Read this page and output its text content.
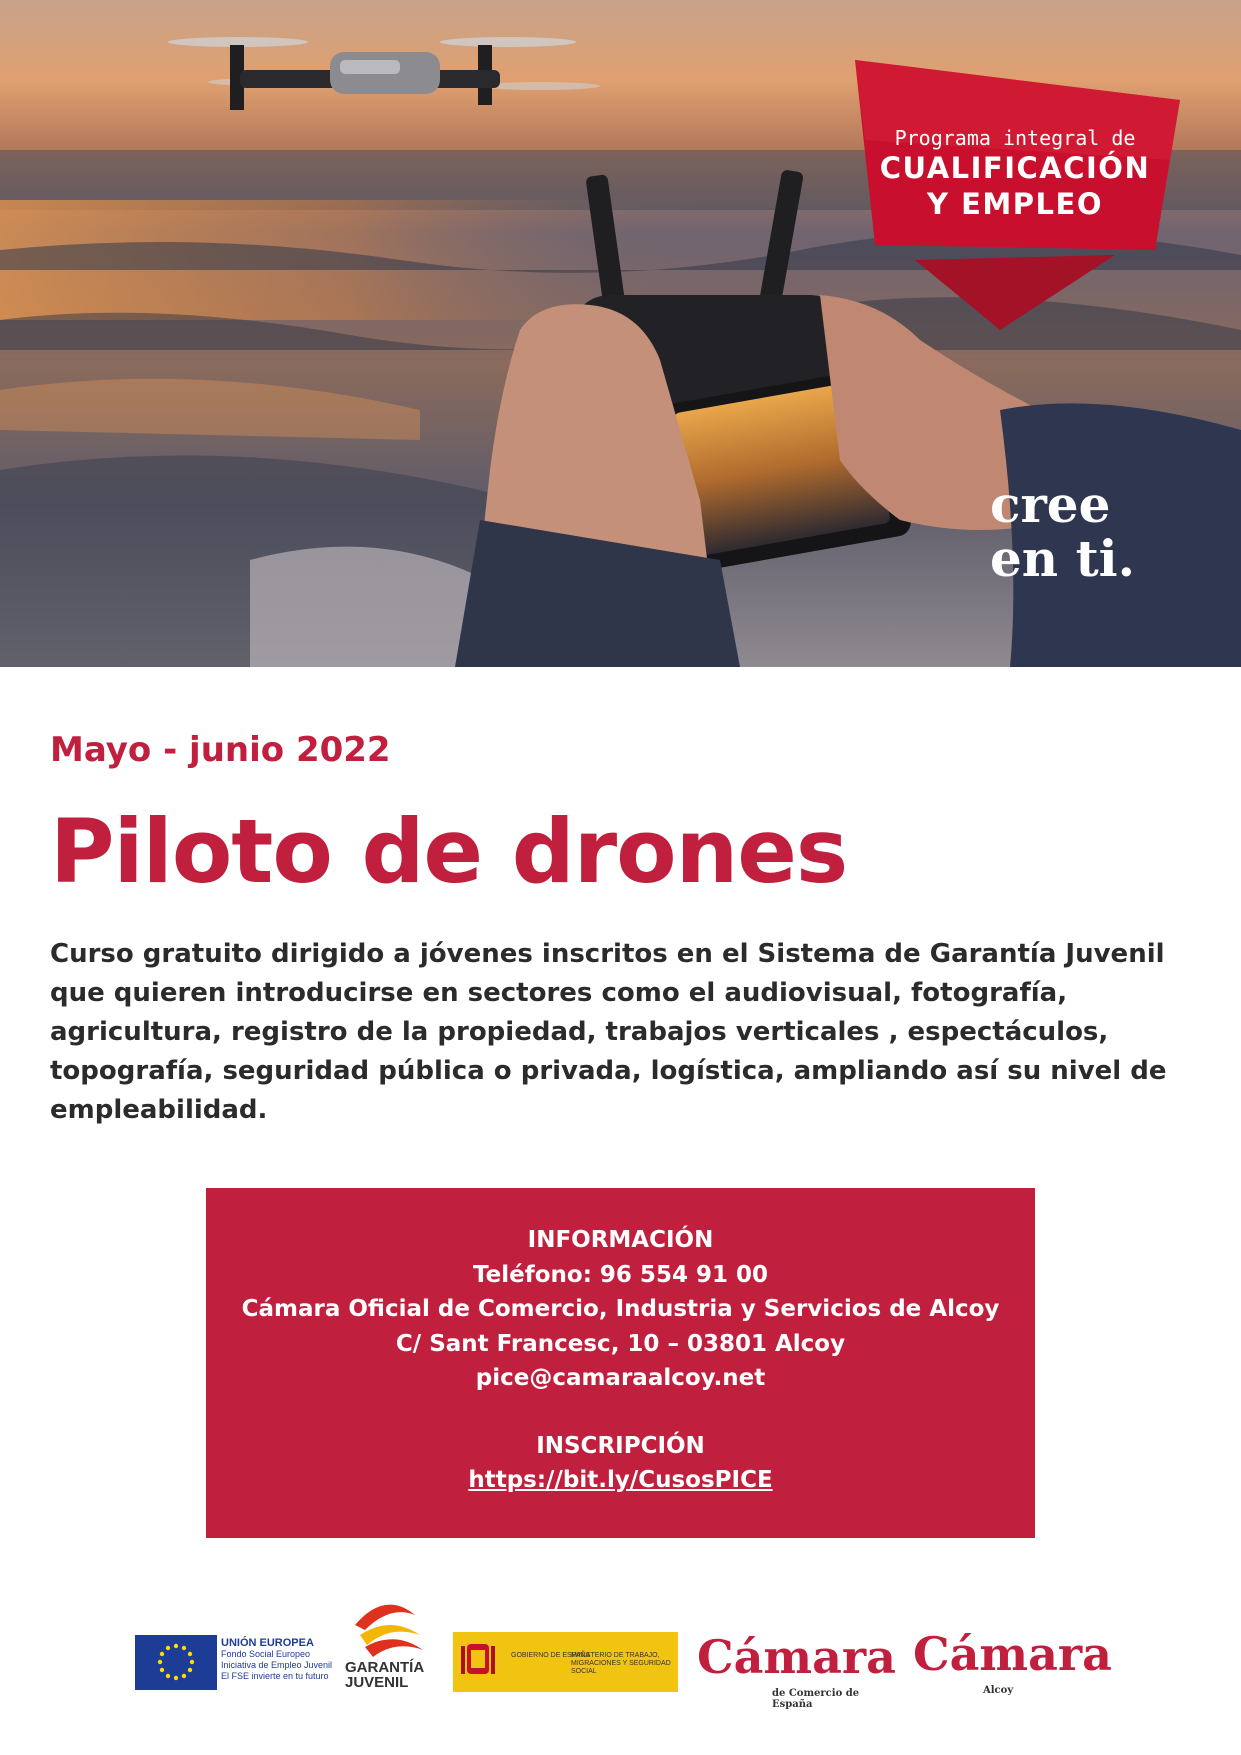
Programa integral de
CUALIFICACIÓN
Y EMPLEO
cree
en ti.
Mayo - junio 2022
Piloto de drones
Curso gratuito dirigido a jóvenes inscritos en el Sistema de Garantía Juvenil que quieren introducirse en sectores como el audiovisual, fotografía, agricultura, registro de la propiedad, trabajos verticales , espectáculos, topografía, seguridad pública o privada, logística, ampliando así su nivel de empleabilidad.
INFORMACIÓN
Teléfono: 96 554 91 00
Cámara Oficial de Comercio, Industria y Servicios de Alcoy
C/ Sant Francesc, 10 – 03801 Alcoy
pice@camaraalcoy.net
INSCRIPCIÓN
https://bit.ly/CusosPICE
UNIÓN EUROPEA
Fondo Social Europeo
Iniciativa de Empleo Juvenil
El FSE invierte en tu futuro GARANTÍA
JUVENIL
GOBIERNO DE ESPAÑA
MINISTERIO DE TRABAJO, MIGRACIONES Y SEGURIDAD SOCIAL	Cámara
de Comercio de España
Cámara
Alcoy
